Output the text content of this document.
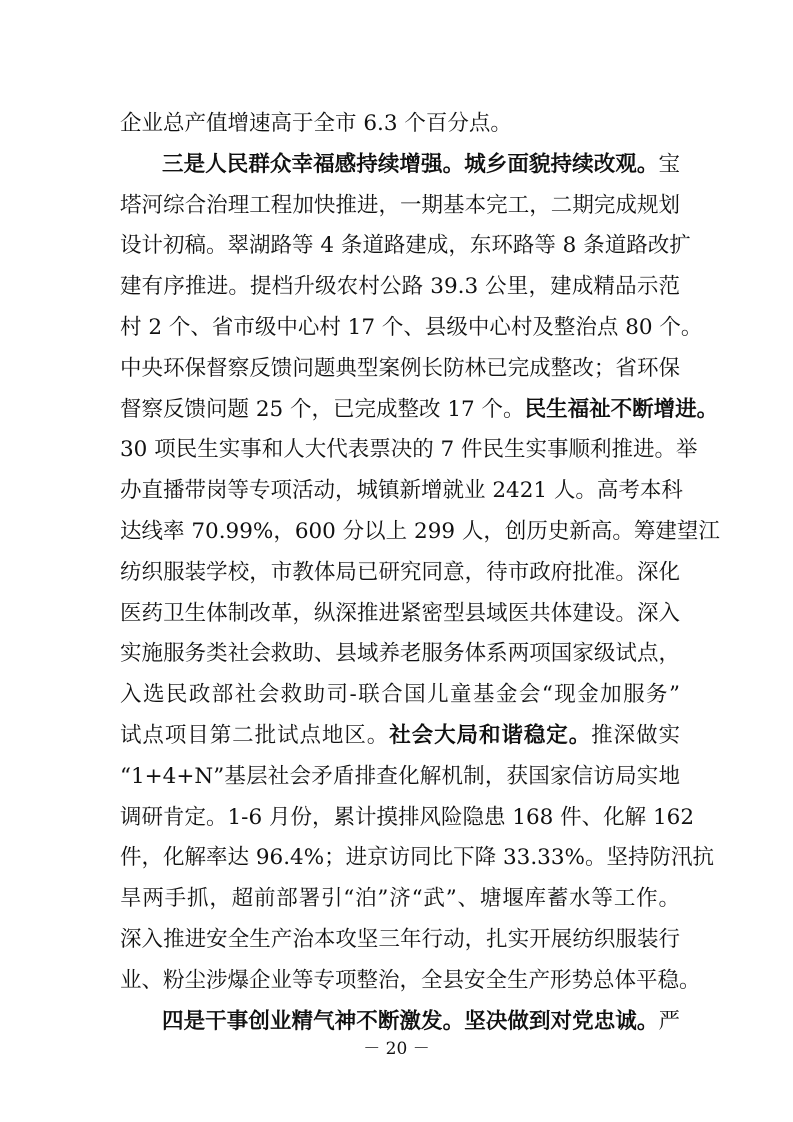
企业总产值增速高于全市 6.3 个百分点。
三是人民群众幸福感持续增强。城乡面貌持续改观。宝
塔河综合治理工程加快推进，一期基本完工，二期完成规划
设计初稿。翠湖路等 4 条道路建成，东环路等 8 条道路改扩
建有序推进。提档升级农村公路 39.3 公里，建成精品示范
村 2 个、省市级中心村 17 个、县级中心村及整治点 80 个。
中央环保督察反馈问题典型案例长防林已完成整改；省环保
督察反馈问题 25 个，已完成整改 17 个。民生福祉不断增进。
30 项民生实事和人大代表票决的 7 件民生实事顺利推进。举
办直播带岗等专项活动，城镇新增就业 2421 人。高考本科
达线率 70.99%，600 分以上 299 人，创历史新高。筹建望江
纺织服装学校，市教体局已研究同意，待市政府批准。深化
医药卫生体制改革，纵深推进紧密型县域医共体建设。深入
实施服务类社会救助、县域养老服务体系两项国家级试点，
入选民政部社会救助司-联合国儿童基金会“现金加服务”
试点项目第二批试点地区。社会大局和谐稳定。推深做实
“1+4+N”基层社会矛盾排查化解机制，获国家信访局实地
调研肯定。1-6 月份，累计摸排风险隐患 168 件、化解 162
件，化解率达 96.4%；进京访同比下降 33.33%。坚持防汛抗
旱两手抓，超前部署引“泊”济“武”、塘堰库蓄水等工作。
深入推进安全生产治本攻坚三年行动，扎实开展纺织服装行
业、粉尘涉爆企业等专项整治，全县安全生产形势总体平稳。
四是干事创业精气神不断激发。坚决做到对党忠诚。严
－ 20 －
